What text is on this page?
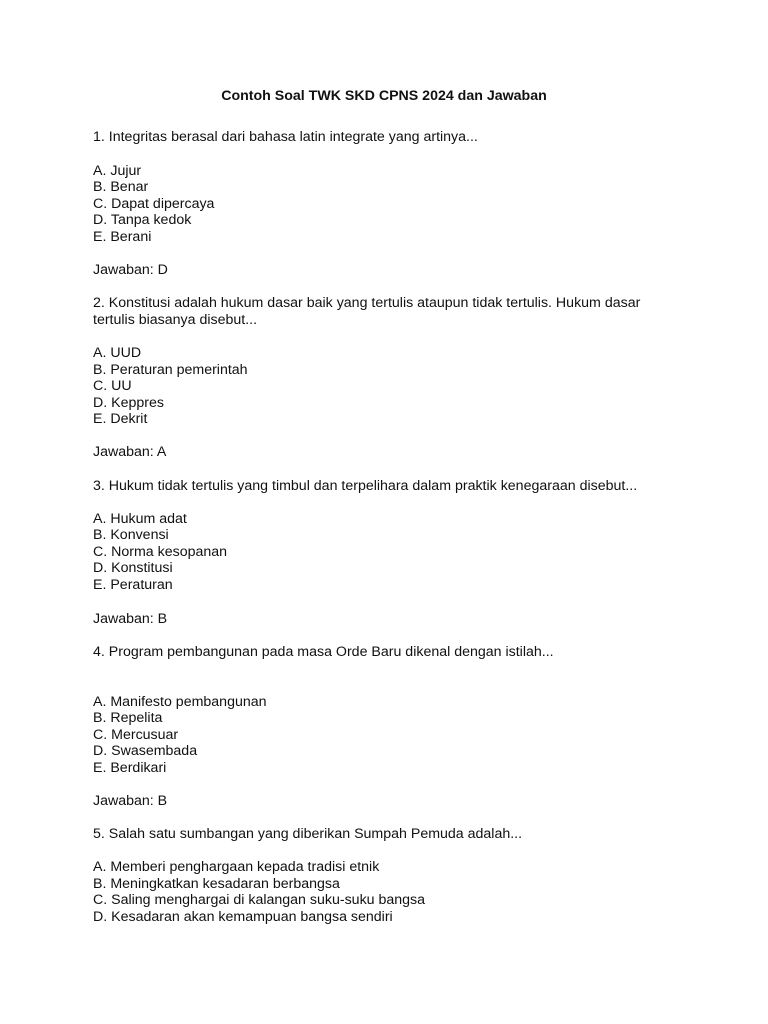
Contoh Soal TWK SKD CPNS 2024 dan Jawaban
1. Integritas berasal dari bahasa latin integrate yang artinya...
A. Jujur
B. Benar
C. Dapat dipercaya
D. Tanpa kedok
E. Berani
Jawaban: D
2. Konstitusi adalah hukum dasar baik yang tertulis ataupun tidak tertulis. Hukum dasar
tertulis biasanya disebut...
A. UUD
B. Peraturan pemerintah
C. UU
D. Keppres
E. Dekrit
Jawaban: A
3. Hukum tidak tertulis yang timbul dan terpelihara dalam praktik kenegaraan disebut...
A. Hukum adat
B. Konvensi
C. Norma kesopanan
D. Konstitusi
E. Peraturan
Jawaban: B
4. Program pembangunan pada masa Orde Baru dikenal dengan istilah...
A. Manifesto pembangunan
B. Repelita
C. Mercusuar
D. Swasembada
E. Berdikari
Jawaban: B
5. Salah satu sumbangan yang diberikan Sumpah Pemuda adalah...
A. Memberi penghargaan kepada tradisi etnik
B. Meningkatkan kesadaran berbangsa
C. Saling menghargai di kalangan suku-suku bangsa
D. Kesadaran akan kemampuan bangsa sendiri
